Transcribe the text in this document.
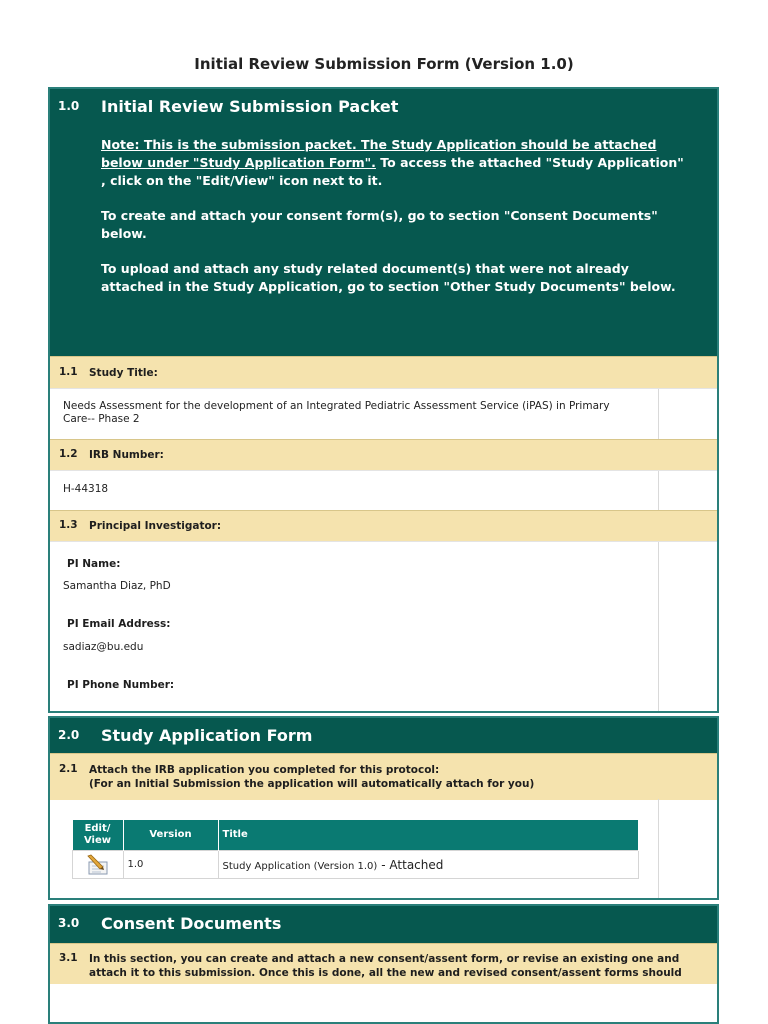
Initial Review Submission Form (Version 1.0)
1.0 Initial Review Submission Packet

Note: This is the submission packet. The Study Application should be attached below under "Study Application Form". To access the attached "Study Application" , click on the "Edit/View" icon next to it.

To create and attach your consent form(s), go to section "Consent Documents" below.

To upload and attach any study related document(s) that were not already attached in the Study Application, go to section "Other Study Documents" below.

1.1 Study Title:
Needs Assessment for the development of an Integrated Pediatric Assessment Service (iPAS) in Primary Care-- Phase 2
1.2 IRB Number:
H-44318
1.3 Principal Investigator:
PI Name:
Samantha Diaz, PhD
PI Email Address:
sadiaz@bu.edu
PI Phone Number:
2.0 Study Application Form
2.1 Attach the IRB application you completed for this protocol:
(For an Initial Submission the application will automatically attach for you)
Edit/ View	Version	Title

	1.0	Study Application (Version 1.0) - Attached
3.0 Consent Documents
3.1 In this section, you can create and attach a new consent/assent form, or revise an existing one and attach it to this submission. Once this is done, all the new and revised consent/assent forms should
